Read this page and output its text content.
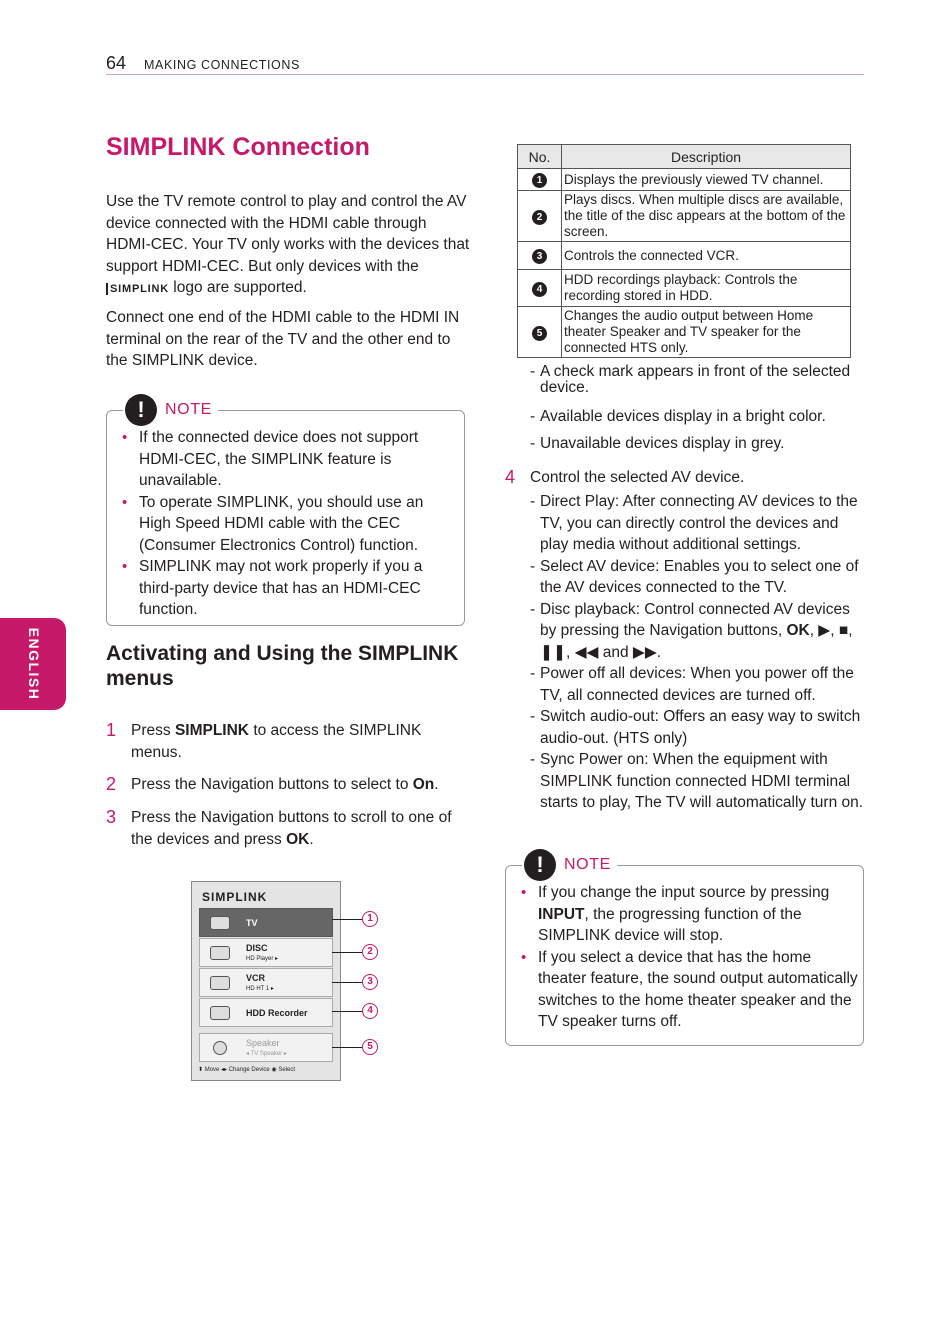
64 MAKING CONNECTIONS
ENGLISH
SIMPLINK Connection

Use the TV remote control to play and control the AV device connected with the HDMI cable through HDMI-CEC. Your TV only works with the devices that support HDMI-CEC. But only devices with the
SIMPLINK logo are supported.

Connect one end of the HDMI cable to the HDMI IN terminal on the rear of the TV and the other end to the SIMPLINK device.

!	NOTE
• If the connected device does not support HDMI-CEC, the SIMPLINK feature is unavailable.
• To operate SIMPLINK, you should use an High Speed HDMI cable with the CEC (Consumer Electronics Control) function.
• SIMPLINK may not work properly if you a third-party device that has an HDMI-CEC function.
Activating and Using the SIMPLINK menus
1 Press SIMPLINK to access the SIMPLINK menus.
2 Press the Navigation buttons to select to On.
3 Press the Navigation buttons to scroll to one of the devices and press OK.
SIMPLINK
TV
DISC
HD Player ▸
VCR
HD HT 1 ▸
HDD Recorder
Speaker
◂ TV Speaker ▸
⬍ Move ◂▸ Change Device ◉ Select
1
2
3
4
5
No.	Description
1	Displays the previously viewed TV channel.
2	Plays discs. When multiple discs are available, the title of the disc appears at the bottom of the screen.
3	Controls the connected VCR.
4	HDD recordings playback: Controls the recording stored in HDD.
5	Changes the audio output between Home theater Speaker and TV speaker for the connected HTS only.
- A check mark appears in front of the selected device.
- Available devices display in a bright color.
- Unavailable devices display in grey.
4 Control the selected AV device.
- Direct Play: After connecting AV devices to the TV, you can directly control the devices and play media without additional settings.
- Select AV device: Enables you to select one of the AV devices connected to the TV.
- Disc playback: Control connected AV devices by pressing the Navigation buttons, OK, ▶, ■, ❚❚, ◀◀ and ▶▶.
- Power off all devices: When you power off the TV, all connected devices are turned off.
- Switch audio-out: Offers an easy way to switch audio-out. (HTS only)
- Sync Power on: When the equipment with SIMPLINK function connected HDMI terminal starts to play, The TV will automatically turn on.
!	NOTE
• If you change the input source by pressing INPUT, the progressing function of the SIMPLINK device will stop.
• If you select a device that has the home theater feature, the sound output automatically switches to the home theater speaker and the TV speaker turns off.
